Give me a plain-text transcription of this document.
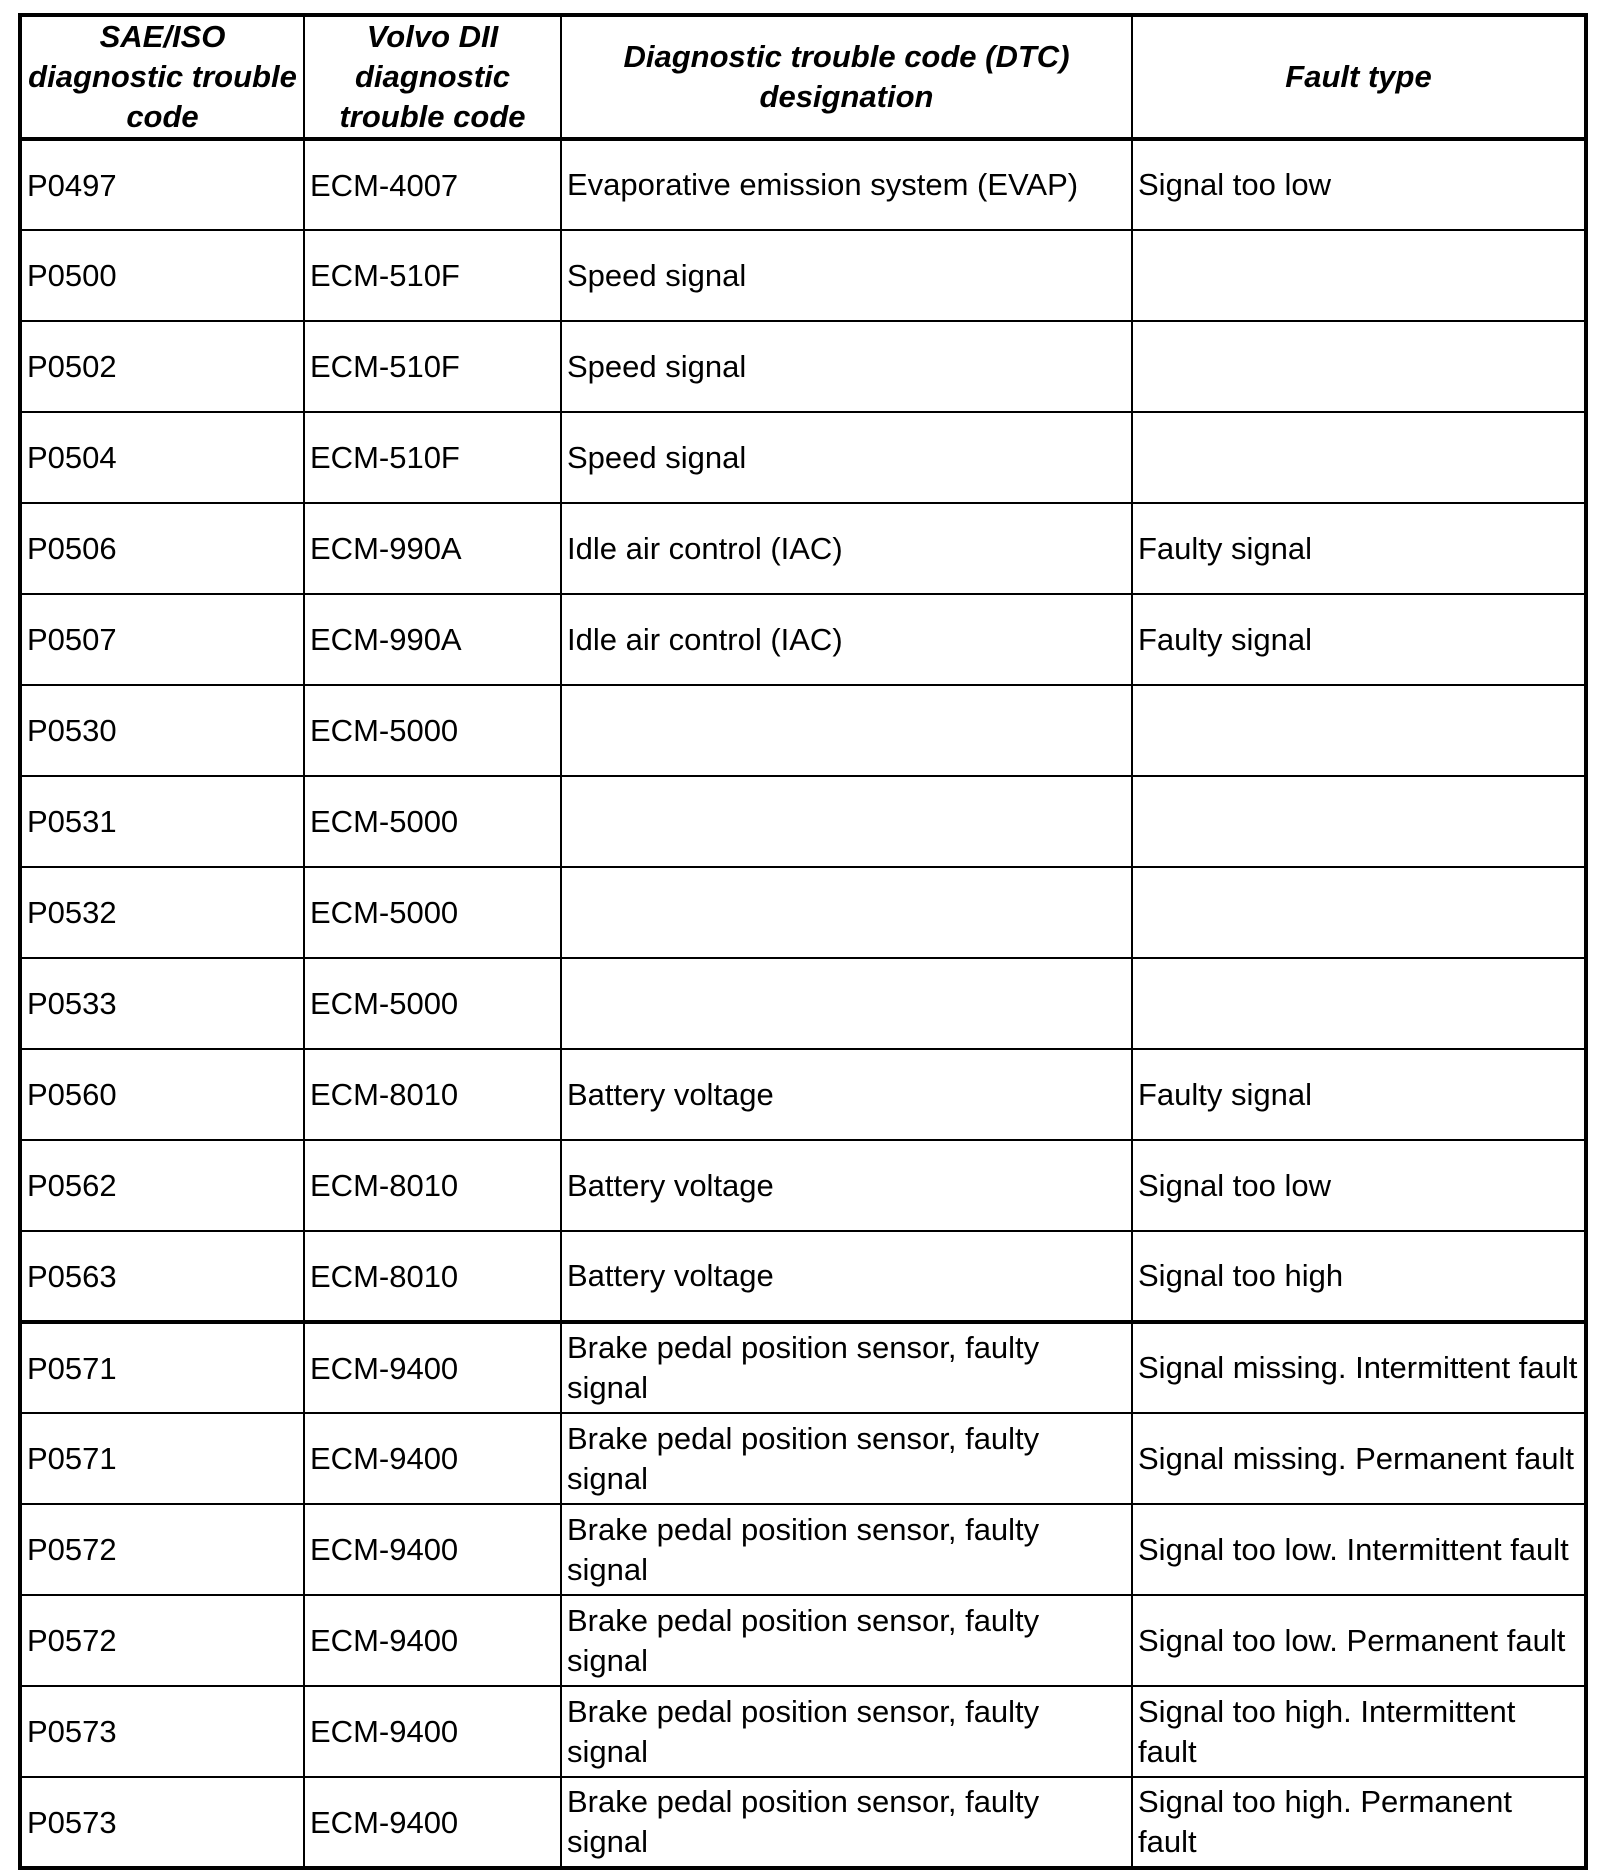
SAE/ISO diagnostic trouble code	Volvo DII diagnostic trouble code	Diagnostic trouble code (DTC) designation	Fault type
P0497	ECM-4007	Evaporative emission system (EVAP)	Signal too low
P0500	ECM-510F	Speed signal	
P0502	ECM-510F	Speed signal	
P0504	ECM-510F	Speed signal	
P0506	ECM-990A	Idle air control (IAC)	Faulty signal
P0507	ECM-990A	Idle air control (IAC)	Faulty signal
P0530	ECM-5000		
P0531	ECM-5000		
P0532	ECM-5000		
P0533	ECM-5000		
P0560	ECM-8010	Battery voltage	Faulty signal
P0562	ECM-8010	Battery voltage	Signal too low
P0563	ECM-8010	Battery voltage	Signal too high
P0571	ECM-9400	Brake pedal position sensor, faulty signal	Signal missing. Intermittent fault
P0571	ECM-9400	Brake pedal position sensor, faulty signal	Signal missing. Permanent fault
P0572	ECM-9400	Brake pedal position sensor, faulty signal	Signal too low. Intermittent fault
P0572	ECM-9400	Brake pedal position sensor, faulty signal	Signal too low. Permanent fault
P0573	ECM-9400	Brake pedal position sensor, faulty signal	Signal too high. Intermittent fault
P0573	ECM-9400	Brake pedal position sensor, faulty signal	Signal too high. Permanent fault
